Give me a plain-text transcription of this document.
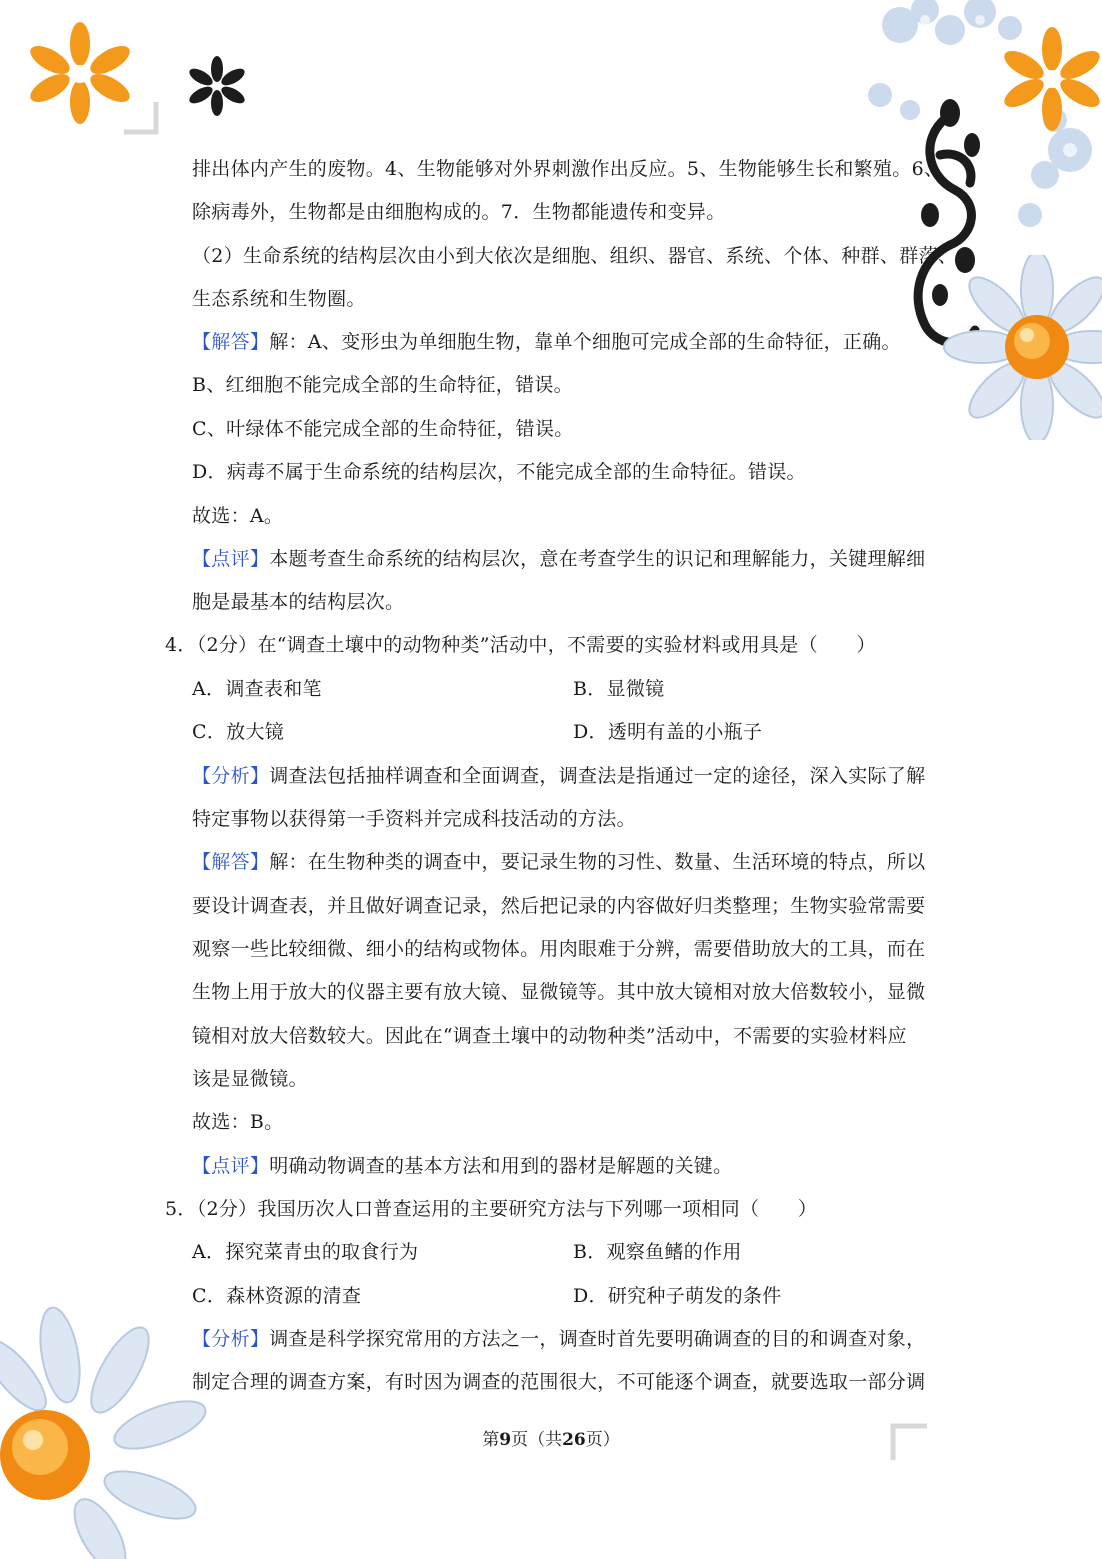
排出体内产生的废物。4、生物能够对外界刺激作出反应。5、生物能够生长和繁殖。6、
除病毒外，生物都是由细胞构成的。7．生物都能遗传和变异。
（2）生命系统的结构层次由小到大依次是细胞、组织、器官、系统、个体、种群、群落、
生态系统和生物圈。
【解答】解：A、变形虫为单细胞生物，靠单个细胞可完成全部的生命特征，正确。
B、红细胞不能完成全部的生命特征，错误。
C、叶绿体不能完成全部的生命特征，错误。
D．病毒不属于生命系统的结构层次，不能完成全部的生命特征。错误。
故选：A。
【点评】本题考查生命系统的结构层次，意在考查学生的识记和理解能力，关键理解细
胞是最基本的结构层次。
4．（2分）在“调查土壤中的动物种类”活动中，不需要的实验材料或用具是（　　）
A．调查表和笔	B．显微镜
C．放大镜	D．透明有盖的小瓶子
【分析】调查法包括抽样调查和全面调查，调查法是指通过一定的途径，深入实际了解
特定事物以获得第一手资料并完成科技活动的方法。
【解答】解：在生物种类的调查中，要记录生物的习性、数量、生活环境的特点，所以
要设计调查表，并且做好调查记录，然后把记录的内容做好归类整理；生物实验常需要
观察一些比较细微、细小的结构或物体。用肉眼难于分辨，需要借助放大的工具，而在
生物上用于放大的仪器主要有放大镜、显微镜等。其中放大镜相对放大倍数较小，显微
镜相对放大倍数较大。因此在“调查土壤中的动物种类”活动中，不需要的实验材料应
该是显微镜。
故选：B。
【点评】明确动物调查的基本方法和用到的器材是解题的关键。
5．（2分）我国历次人口普查运用的主要研究方法与下列哪一项相同（　　）
A．探究菜青虫的取食行为	B．观察鱼鳍的作用
C．森林资源的清查	D．研究种子萌发的条件
【分析】调查是科学探究常用的方法之一，调查时首先要明确调查的目的和调查对象，
制定合理的调查方案，有时因为调查的范围很大，不可能逐个调查，就要选取一部分调
第9页（共26页）
